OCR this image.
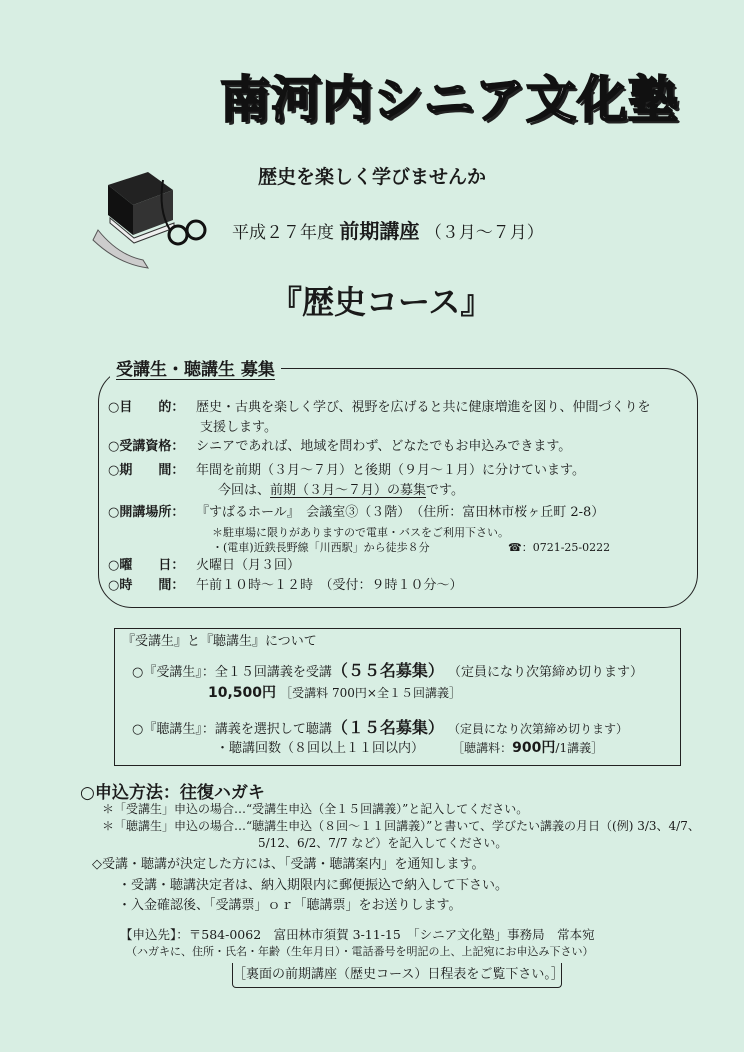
南河内シニア文化塾
歴史を楽しく学びませんか
平成２７年度 前期講座 （３月〜７月）
『歴史コース』
受講生・聴講生 募集
○目　　的： 歴史・古典を楽しく学び、視野を広げると共に健康増進を図り、仲間づくりを
支援します。
○受講資格： シニアであれば、地域を問わず、どなたでもお申込みできます。
○期　　間： 年間を前期（３月〜７月）と後期（９月〜１月）に分けています。
今回は、前期（３月〜７月）の募集です。
○開講場所： 『すばるホール』　会議室③（３階）　（住所：富田林市桜ヶ丘町 2-8）
＊駐車場に限りがありますので電車・バスをご利用下さい。
・(電車)近鉄長野線「川西駅」から徒歩８分	☎：0721-25-0222
○曜　　日： 火曜日（月３回）
○時　　間： 午前１０時〜１２時　（受付：９時１０分〜）
『受講生』と『聴講生』について
○『受講生』：全１５回講義を受講（５５名募集） （定員になり次第締め切ります）
10,500円 ［受講料 700円×全１５回講義］
○『聴講生』：講義を選択して聴講（１５名募集） （定員になり次第締め切ります）
・聴講回数（８回以上１１回以内） ［聴講料：900円/1講義］
○申込方法：往復ハガキ
＊「受講生」申込の場合…“受講生申込（全１５回講義）”と記入してください。
＊「聴講生」申込の場合…“聴講生申込（８回〜１１回講義）”と書いて、学びたい講義の月日（(例) 3/3、4/7、
5/12、6/2、7/7 など）を記入してください。
◇受講・聴講が決定した方には、「受講・聴講案内」を通知します。
・受講・聴講決定者は、納入期限内に郵便振込で納入して下さい。
・入金確認後、「受講票」ｏｒ「聴講票」をお送りします。
【申込先】：〒584-0062　富田林市須賀 3-11-15　「シニア文化塾」事務局　常本宛
（ハガキに、住所・氏名・年齢（生年月日）・電話番号を明記の上、上記宛にお申込み下さい）
［裏面の前期講座（歴史コース）日程表をご覧下さい。］
